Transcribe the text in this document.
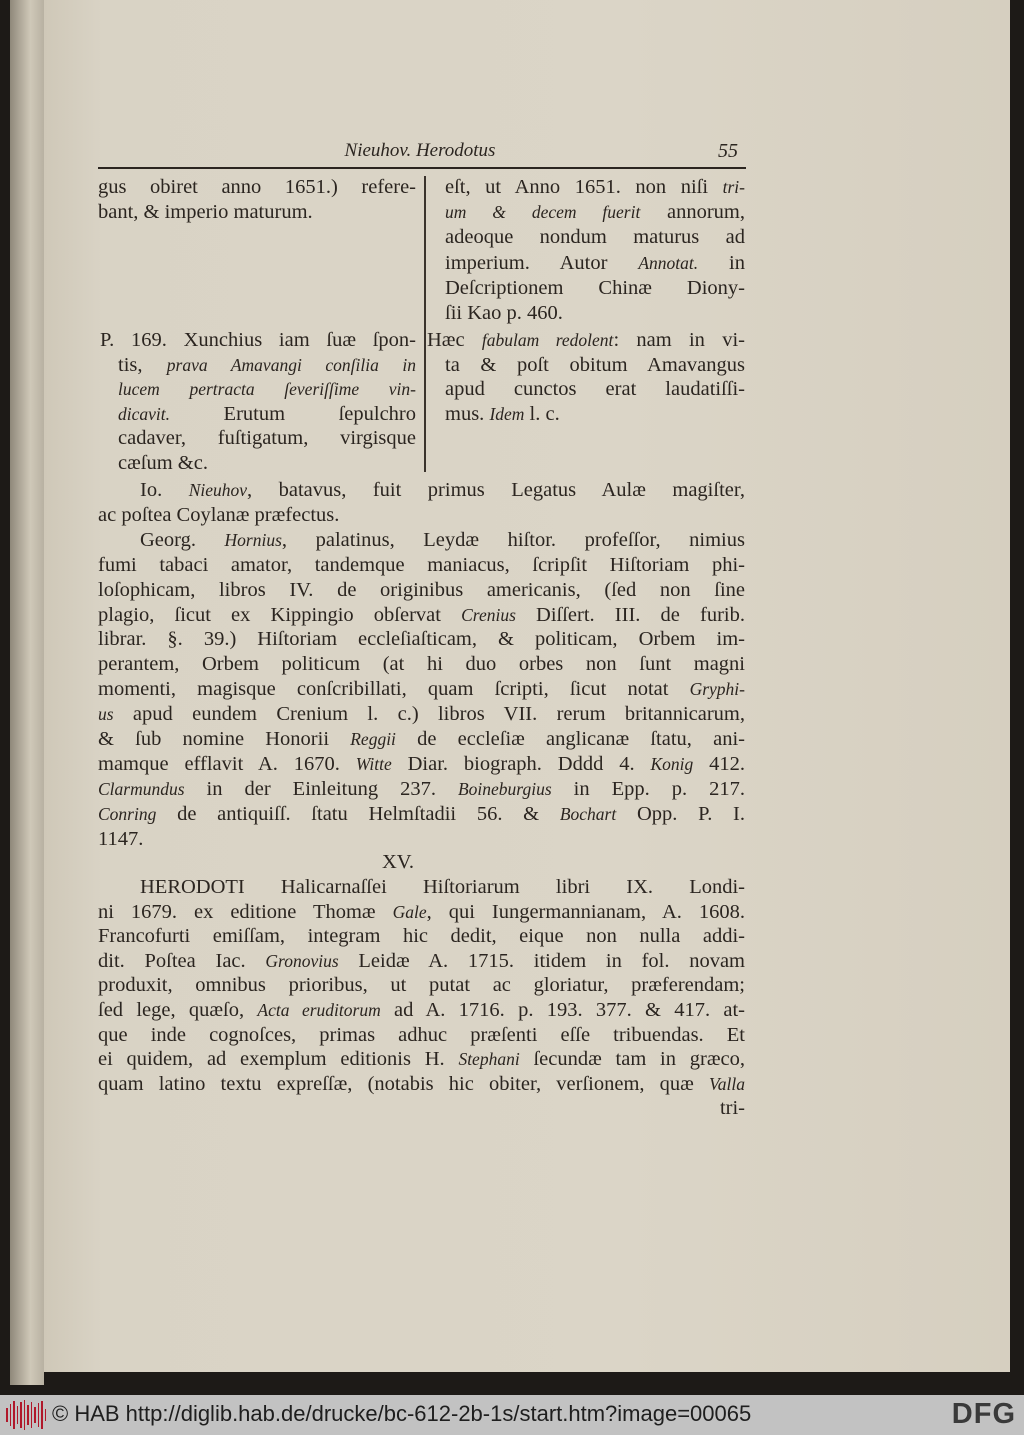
Nieuhov. Herodotus	55
gus obiret anno 1651.) refere-
bant, & imperio maturum.
eſt, ut Anno 1651. non niſi tri-
um & decem fuerit annorum,
adeoque nondum maturus ad
imperium. Autor Annotat. in
Deſcriptionem Chinæ Diony-
ſii Kao p. 460.
P. 169. Xunchius iam ſuæ ſpon-
tis, prava Amavangi conſilia in
lucem pertracta ſeveriſſime vin-
dicavit. Erutum ſepulchro
cadaver, fuſtigatum, virgisque
cæſum &c.
Hæc fabulam redolent: nam in vi-
ta & poſt obitum Amavangus
apud cunctos erat laudatiſſi-
mus. Idem l. c.
Io. Nieuhov, batavus, fuit primus Legatus Aulæ magiſter,
ac poſtea Coylanæ præfectus.
Georg. Hornius, palatinus, Leydæ hiſtor. profeſſor, nimius
fumi tabaci amator, tandemque maniacus, ſcripſit Hiſtoriam phi-
loſophicam, libros IV. de originibus americanis, (ſed non ſine
plagio, ſicut ex Kippingio obſervat Crenius Diſſert. III. de furib.
librar. §. 39.) Hiſtoriam eccleſiaſticam, & politicam, Orbem im-
perantem, Orbem politicum (at hi duo orbes non ſunt magni
momenti, magisque conſcribillati, quam ſcripti, ſicut notat Gryphi-
us apud eundem Crenium l. c.) libros VII. rerum britannicarum,
& ſub nomine Honorii Reggii de eccleſiæ anglicanæ ſtatu, ani-
mamque efflavit A. 1670. Witte Diar. biograph. Dddd 4. Konig 412.
Clarmundus in der Einleitung 237. Boineburgius in Epp. p. 217.
Conring de antiquiſſ. ſtatu Helmſtadii 56. & Bochart Opp. P. I.
1147.
HERODOTI Halicarnaſſei Hiſtoriarum libri IX. Londi-
ni 1679. ex editione Thomæ Gale, qui Iungermannianam, A. 1608.
Francofurti emiſſam, integram hic dedit, eique non nulla addi-
dit. Poſtea Iac. Gronovius Leidæ A. 1715. itidem in fol. novam
produxit, omnibus prioribus, ut putat ac gloriatur, præferendam;
ſed lege, quæſo, Acta eruditorum ad A. 1716. p. 193. 377. & 417. at-
que inde cognoſces, primas adhuc præſenti eſſe tribuendas. Et
ei quidem, ad exemplum editionis H. Stephani ſecundæ tam in græco,
quam latino textu expreſſæ, (notabis hic obiter, verſionem, quæ Valla
tri-
XV.
© HAB http://diglib.hab.de/drucke/bc-612-2b-1s/start.htm?image=00065	DFG
